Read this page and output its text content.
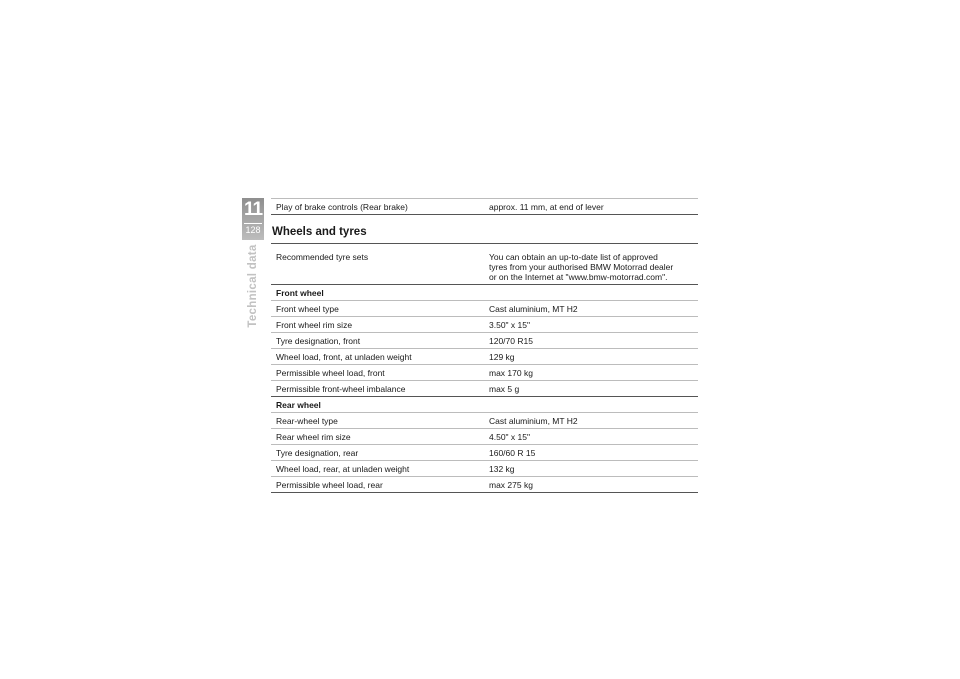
11
128
Technical data
Play of brake controls (Rear brake)	approx. 11 mm, at end of lever
Wheels and tyres
Recommended tyre sets	You can obtain an up-to-date list of approved
tyres from your authorised BMW Motorrad dealer
or on the Internet at "www.bmw-motorrad.com".
Front wheel
Front wheel type	Cast aluminium, MT H2
Front wheel rim size	3.50" x 15"
Tyre designation, front	120/70 R15
Wheel load, front, at unladen weight	129 kg
Permissible wheel load, front	max 170 kg
Permissible front-wheel imbalance	max 5 g
Rear wheel
Rear-wheel type	Cast aluminium, MT H2
Rear wheel rim size	4.50" x 15"
Tyre designation, rear	160/60 R 15
Wheel load, rear, at unladen weight	132 kg
Permissible wheel load, rear	max 275 kg
